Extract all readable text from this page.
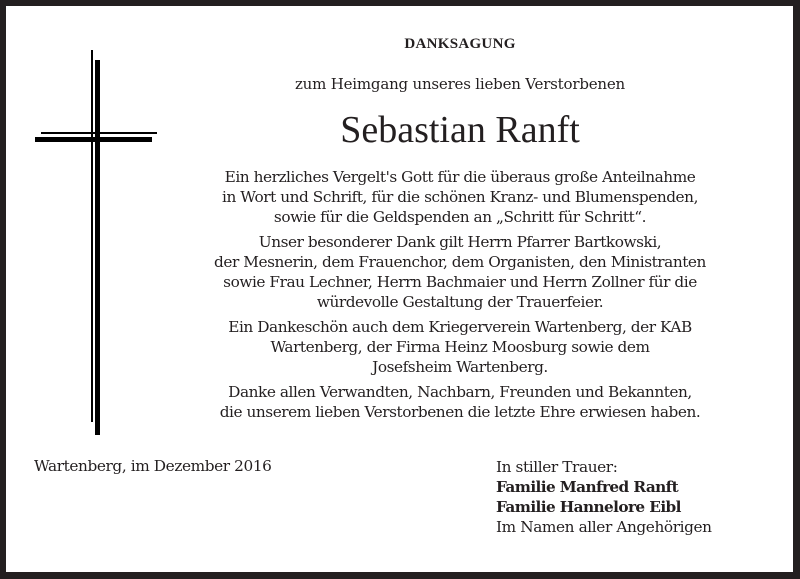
DANKSAGUNG
zum Heimgang unseres lieben Verstorbenen
Sebastian Ranft

Ein herzliches Vergelt's Gott für die überaus große Anteilnahme
in Wort und Schrift, für die schönen Kranz- und Blumenspenden,
sowie für die Geldspenden an „Schritt für Schritt“.

Unser besonderer Dank gilt Herrn Pfarrer Bartkowski,
der Mesnerin, dem Frauenchor, dem Organisten, den Ministranten
sowie Frau Lechner, Herrn Bachmaier und Herrn Zollner für die
würdevolle Gestaltung der Trauerfeier.

Ein Dankeschön auch dem Kriegerverein Wartenberg, der KAB
Wartenberg, der Firma Heinz Moosburg sowie dem
Josefsheim Wartenberg.

Danke allen Verwandten, Nachbarn, Freunden und Bekannten,
die unserem lieben Verstorbenen die letzte Ehre erwiesen haben.

Wartenberg, im Dezember 2016	In stiller Trauer:
Familie Manfred Ranft
Familie Hannelore Eibl
Im Namen aller Angehörigen
